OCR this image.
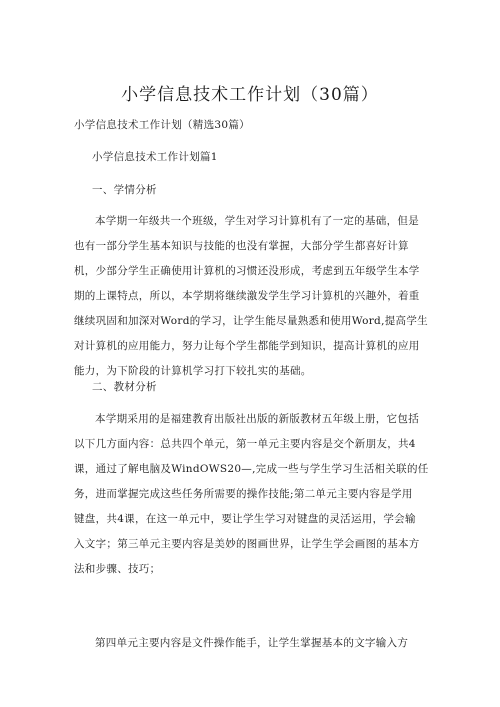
小学信息技术工作计划（30篇）
小学信息技术工作计划（精选30篇）
小学信息技术工作计划篇1
一、学情分析

本学期一年级共一个班级，学生对学习计算机有了一定的基础，但是

也有一部分学生基本知识与技能的也没有掌握，大部分学生都喜好计算

机，少部分学生正确使用计算机的习惯还没形成，考虑到五年级学生本学

期的上课特点，所以，本学期将继续激发学生学习计算机的兴趣外，着重

继续巩固和加深对Word的学习，让学生能尽量熟悉和使用Word,提高学生

对计算机的应用能力，努力让每个学生都能学到知识，提高计算机的应用

能力，为下阶段的计算机学习打下较扎实的基础。

二、教材分析

本学期采用的是福建教育出版社出版的新版教材五年级上册，它包括

以下几方面内容：总共四个单元，第一单元主要内容是交个新朋友，共4

课，通过了解电脑及WindOWS20—,完成一些与学生学习生活相关联的任

务，进而掌握完成这些任务所需要的操作技能;第二单元主要内容是学用

键盘，共4课，在这一单元中，要让学生学习对键盘的灵活运用，学会输

入文字；第三单元主要内容是美妙的图画世界，让学生学会画图的基本方

法和步骤、技巧；

第四单元主要内容是文件操作能手，让学生掌握基本的文字输入方
